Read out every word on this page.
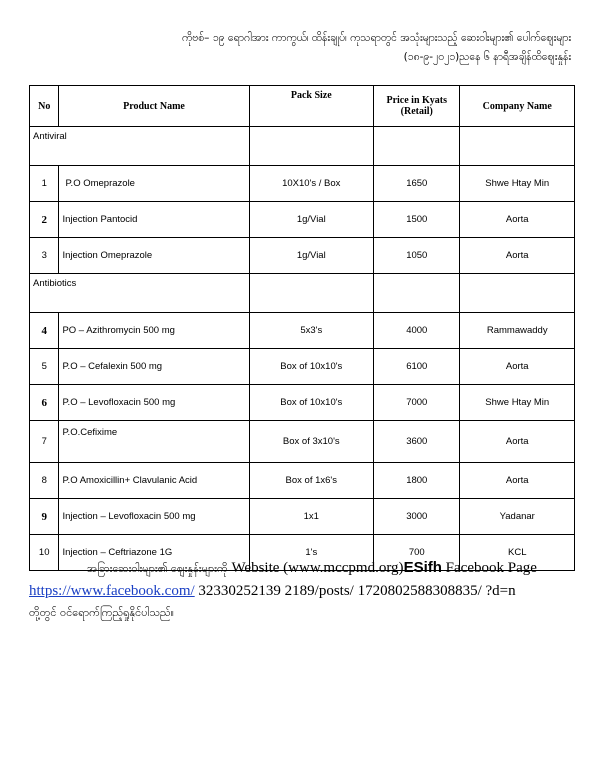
ကိုဗစ်– ၁၉ ရောဂါအား ကာကွယ်၊ ထိန်းချုပ်၊ ကုသရာတွင် အသုံးများသည့် ဆေးဝါးများ၏ ပေါက်ဈေးများ
(၁၈-၉-၂၀၂၁)ညနေ ၆ နာရီအချိန်ထိဈေးနှုန်း
No	Product Name	Pack Size	Price in Kyats (Retail)	Company Name
Antiviral				
1	P.O Omeprazole	10X10's / Box	1650	Shwe Htay Min
2	Injection Pantocid	1g/Vial	1500	Aorta
3	Injection Omeprazole	1g/Vial	1050	Aorta
Antibiotics				
4	PO – Azithromycin 500 mg	5x3's	4000	Rammawaddy
5	P.O – Cefalexin 500 mg	Box of 10x10's	6100	Aorta
6	P.O – Levofloxacin 500 mg	Box of 10x10's	7000	Shwe Htay Min
7	P.O.Cefixime	Box of 3x10's	3600	Aorta
8	P.O Amoxicillin+ Clavulanic Acid	Box of 1x6's	1800	Aorta
9	Injection – Levofloxacin 500 mg	1x1	3000	Yadanar
10	Injection – Ceftriazone 1G	1's	700	KCL
အခြားဆေးဝါးများ၏ ဈေးနှုန်းများကို Website (www.mccpmd.org)ESifh Facebook Page
https://www.facebook.com/ 32330252139 2189/posts/ 1720802588308835/ ?d=n
တို့တွင် ဝင်ရောက်ကြည့်ရှုနိုင်ပါသည်။
